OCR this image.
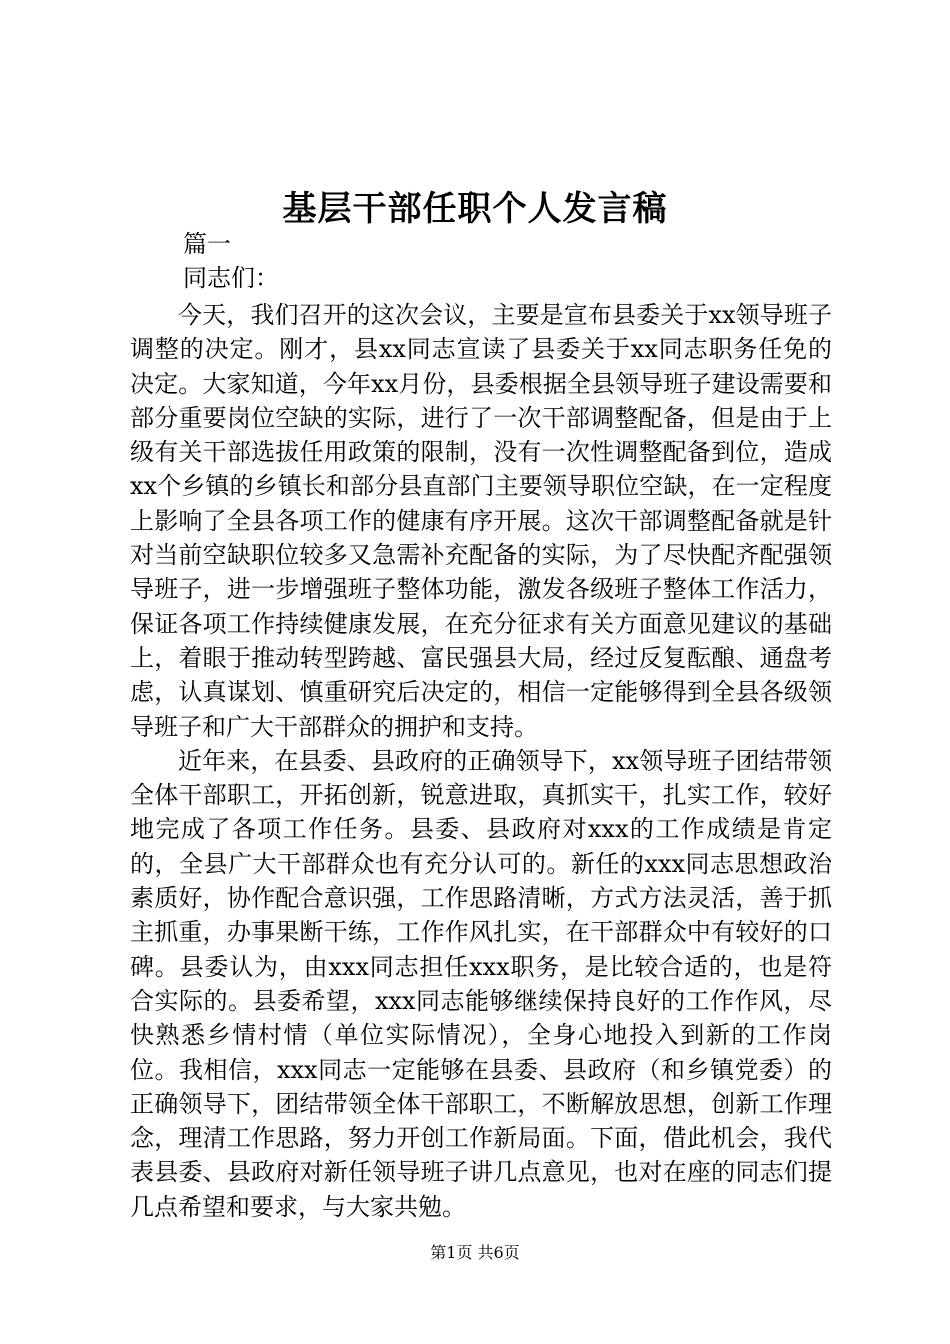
基层干部任职个人发言稿
篇一
同志们：

今天，我们召开的这次会议，主要是宣布县委关于xx领导班子调整的决定。刚才，县xx同志宣读了县委关于xx同志职务任免的决定。大家知道，今年xx月份，县委根据全县领导班子建设需要和部分重要岗位空缺的实际，进行了一次干部调整配备，但是由于上级有关干部选拔任用政策的限制，没有一次性调整配备到位，造成xx个乡镇的乡镇长和部分县直部门主要领导职位空缺，在一定程度上影响了全县各项工作的健康有序开展。这次干部调整配备就是针对当前空缺职位较多又急需补充配备的实际，为了尽快配齐配强领导班子，进一步增强班子整体功能，激发各级班子整体工作活力，保证各项工作持续健康发展，在充分征求有关方面意见建议的基础上，着眼于推动转型跨越、富民强县大局，经过反复酝酿、通盘考虑，认真谋划、慎重研究后决定的，相信一定能够得到全县各级领导班子和广大干部群众的拥护和支持。

近年来，在县委、县政府的正确领导下，xx领导班子团结带领全体干部职工，开拓创新，锐意进取，真抓实干，扎实工作，较好地完成了各项工作任务。县委、县政府对xxx的工作成绩是肯定的，全县广大干部群众也有充分认可的。新任的xxx同志思想政治素质好，协作配合意识强，工作思路清晰，方式方法灵活，善于抓主抓重，办事果断干练，工作作风扎实，在干部群众中有较好的口碑。县委认为，由xxx同志担任xxx职务，是比较合适的，也是符合实际的。县委希望，xxx同志能够继续保持良好的工作作风，尽快熟悉乡情村情（单位实际情况），全身心地投入到新的工作岗位。我相信，xxx同志一定能够在县委、县政府（和乡镇党委）的正确领导下，团结带领全体干部职工，不断解放思想，创新工作理念，理清工作思路，努力开创工作新局面。下面，借此机会，我代表县委、县政府对新任领导班子讲几点意见，也对在座的同志们提几点希望和要求，与大家共勉。

第1页 共6页
